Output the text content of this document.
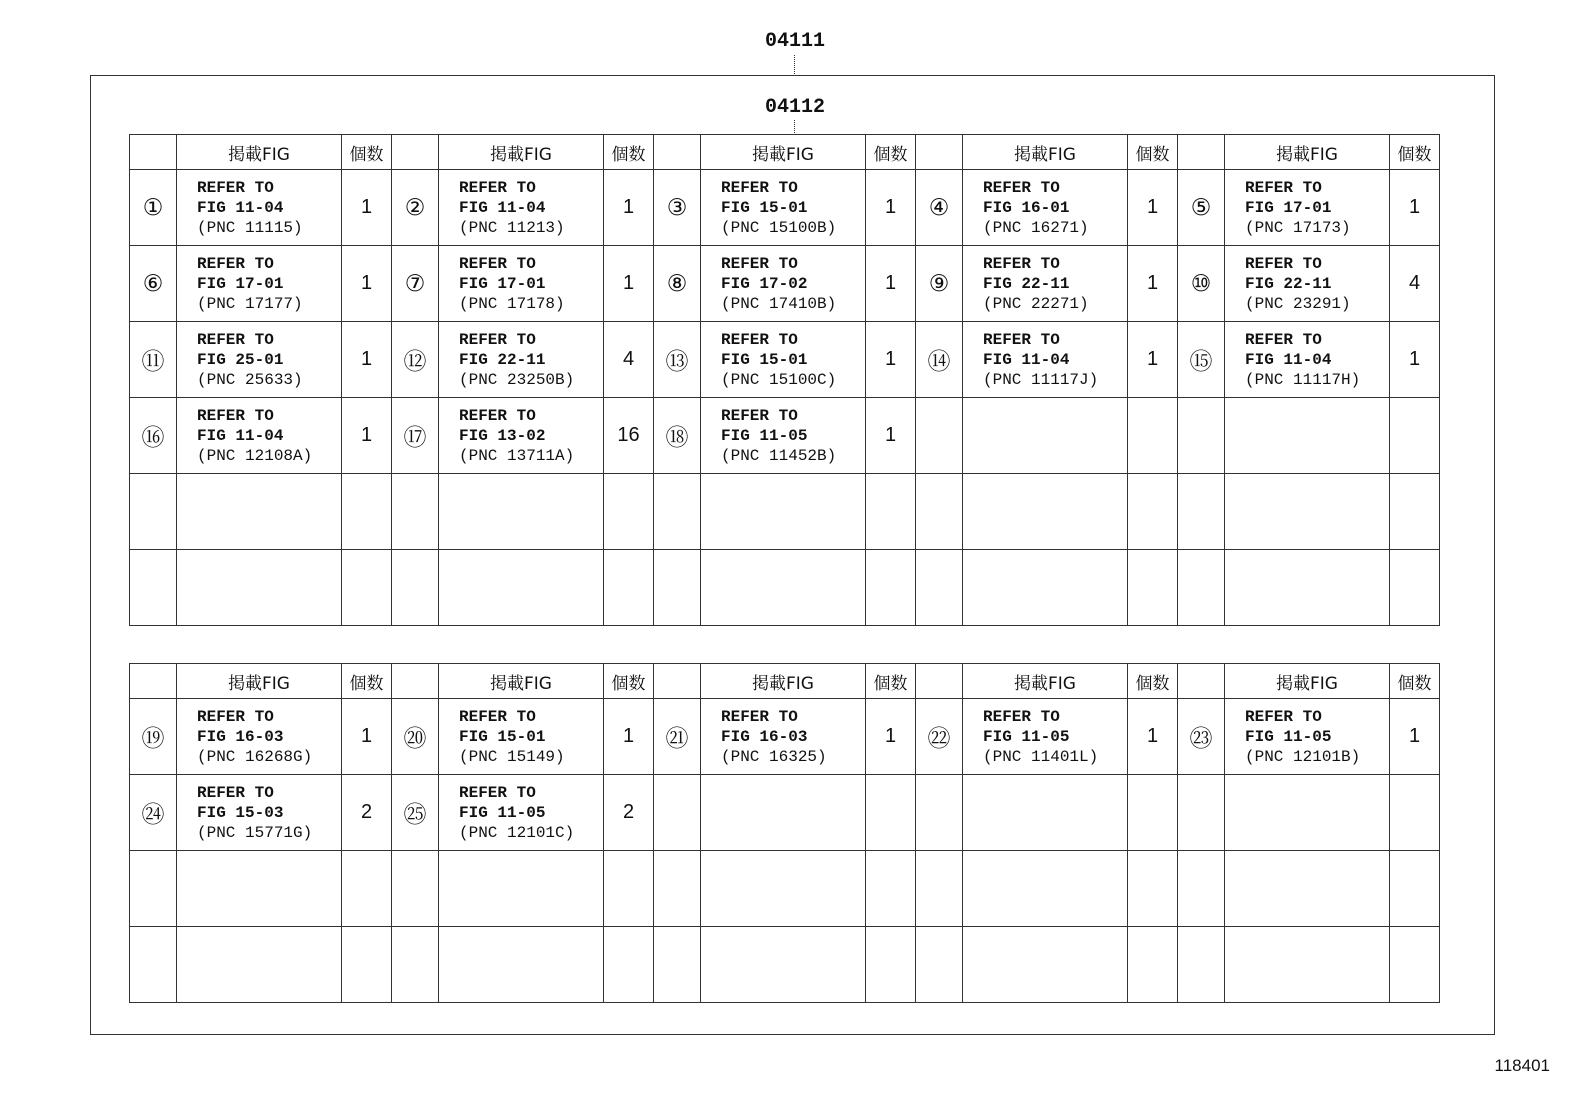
04111
04112
	掲載FIG	個数		掲載FIG	個数		掲載FIG	個数		掲載FIG	個数		掲載FIG	個数
①	REFER TO
FIG 11-04
(PNC 11115)	1	②	REFER TO
FIG 11-04
(PNC 11213)	1	③	REFER TO
FIG 15-01
(PNC 15100B)	1	④	REFER TO
FIG 16-01
(PNC 16271)	1	⑤	REFER TO
FIG 17-01
(PNC 17173)	1
⑥	REFER TO
FIG 17-01
(PNC 17177)	1	⑦	REFER TO
FIG 17-01
(PNC 17178)	1	⑧	REFER TO
FIG 17-02
(PNC 17410B)	1	⑨	REFER TO
FIG 22-11
(PNC 22271)	1	⑩	REFER TO
FIG 22-11
(PNC 23291)	4
⑪	REFER TO
FIG 25-01
(PNC 25633)	1	⑫	REFER TO
FIG 22-11
(PNC 23250B)	4	⑬	REFER TO
FIG 15-01
(PNC 15100C)	1	⑭	REFER TO
FIG 11-04
(PNC 11117J)	1	⑮	REFER TO
FIG 11-04
(PNC 11117H)	1
⑯	REFER TO
FIG 11-04
(PNC 12108A)	1	⑰	REFER TO
FIG 13-02
(PNC 13711A)	16	⑱	REFER TO
FIG 11-05
(PNC 11452B)	1		

	掲載FIG	個数		掲載FIG	個数		掲載FIG	個数		掲載FIG	個数		掲載FIG	個数
⑲	REFER TO
FIG 16-03
(PNC 16268G)	1	⑳	REFER TO
FIG 15-01
(PNC 15149)	1	㉑	REFER TO
FIG 16-03
(PNC 16325)	1	㉒	REFER TO
FIG 11-05
(PNC 11401L)	1	㉓	REFER TO
FIG 11-05
(PNC 12101B)	1
㉔	REFER TO
FIG 15-03
(PNC 15771G)	2	㉕	REFER TO
FIG 11-05
(PNC 12101C)	2		

118401
